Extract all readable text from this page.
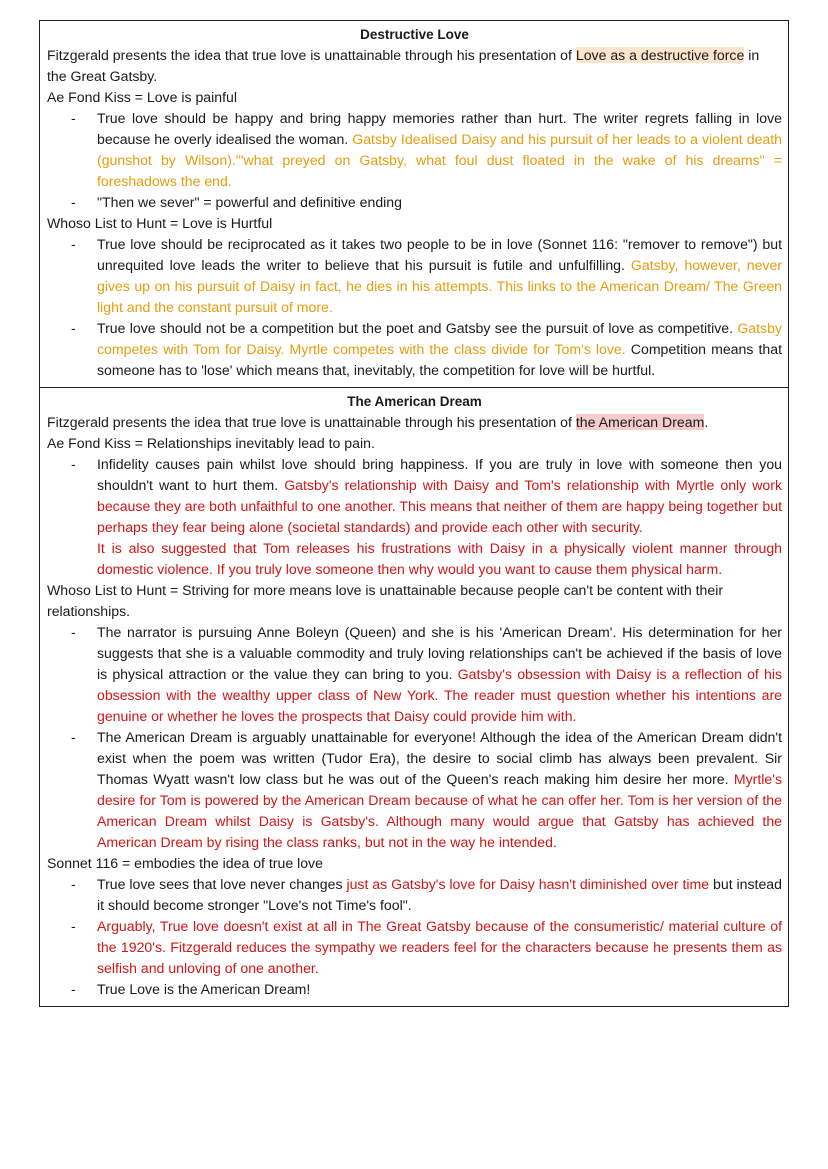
Destructive Love

Fitzgerald presents the idea that true love is unattainable through his presentation of Love as a destructive force in the Great Gatsby.

Ae Fond Kiss = Love is painful

- True love should be happy and bring happy memories rather than hurt. The writer regrets falling in love because he overly idealised the woman. Gatsby Idealised Daisy and his pursuit of her leads to a violent death (gunshot by Wilson)."'what preyed on Gatsby, what foul dust floated in the wake of his dreams" = foreshadows the end.
- "Then we sever" = powerful and definitive ending

Whoso List to Hunt = Love is Hurtful

- True love should be reciprocated as it takes two people to be in love (Sonnet 116: "remover to remove") but unrequited love leads the writer to believe that his pursuit is futile and unfulfilling. Gatsby, however, never gives up on his pursuit of Daisy in fact, he dies in his attempts. This links to the American Dream/ The Green light and the constant pursuit of more.
- True love should not be a competition but the poet and Gatsby see the pursuit of love as competitive. Gatsby competes with Tom for Daisy. Myrtle competes with the class divide for Tom's love. Competition means that someone has to 'lose' which means that, inevitably, the competition for love will be hurtful.
The American Dream

Fitzgerald presents the idea that true love is unattainable through his presentation of the American Dream.

Ae Fond Kiss = Relationships inevitably lead to pain.

- Infidelity causes pain whilst love should bring happiness. If you are truly in love with someone then you shouldn't want to hurt them. Gatsby's relationship with Daisy and Tom's relationship with Myrtle only work because they are both unfaithful to one another. This means that neither of them are happy being together but perhaps they fear being alone (societal standards) and provide each other with security.

It is also suggested that Tom releases his frustrations with Daisy in a physically violent manner through domestic violence. If you truly love someone then why would you want to cause them physical harm.

Whoso List to Hunt = Striving for more means love is unattainable because people can't be content with their relationships.

- The narrator is pursuing Anne Boleyn (Queen) and she is his 'American Dream'. His determination for her suggests that she is a valuable commodity and truly loving relationships can't be achieved if the basis of love is physical attraction or the value they can bring to you. Gatsby's obsession with Daisy is a reflection of his obsession with the wealthy upper class of New York. The reader must question whether his intentions are genuine or whether he loves the prospects that Daisy could provide him with.
- The American Dream is arguably unattainable for everyone! Although the idea of the American Dream didn't exist when the poem was written (Tudor Era), the desire to social climb has always been prevalent. Sir Thomas Wyatt wasn't low class but he was out of the Queen's reach making him desire her more. Myrtle's desire for Tom is powered by the American Dream because of what he can offer her. Tom is her version of the American Dream whilst Daisy is Gatsby's. Although many would argue that Gatsby has achieved the American Dream by rising the class ranks, but not in the way he intended.

Sonnet 116 = embodies the idea of true love

- True love sees that love never changes just as Gatsby's love for Daisy hasn't diminished over time but instead it should become stronger "Love's not Time's fool".
- Arguably, True love doesn't exist at all in The Great Gatsby because of the consumeristic/ material culture of the 1920's. Fitzgerald reduces the sympathy we readers feel for the characters because he presents them as selfish and unloving of one another.
- True Love is the American Dream!
